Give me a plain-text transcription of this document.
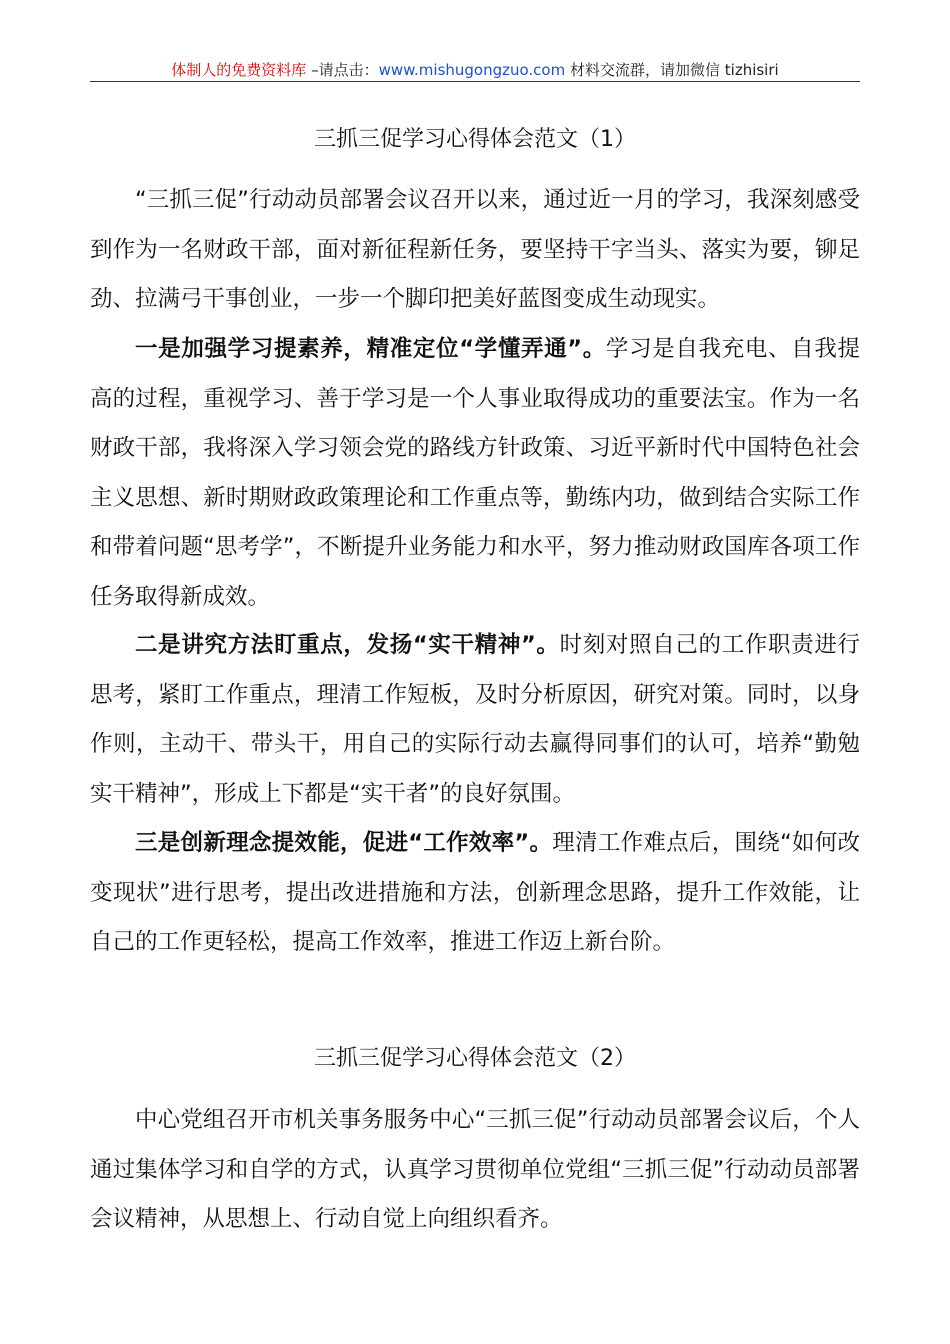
体制人的免费资料库 –请点击：www.mishugongzuo.com 材料交流群，请加微信 tizhisiri
三抓三促学习心得体会范文（1）

“三抓三促”行动动员部署会议召开以来，通过近一月的学习，我深刻感受到作为一名财政干部，面对新征程新任务，要坚持干字当头、落实为要，铆足劲、拉满弓干事创业，一步一个脚印把美好蓝图变成生动现实。

一是加强学习提素养，精准定位“学懂弄通”。学习是自我充电、自我提高的过程，重视学习、善于学习是一个人事业取得成功的重要法宝。作为一名财政干部，我将深入学习领会党的路线方针政策、习近平新时代中国特色社会主义思想、新时期财政政策理论和工作重点等，勤练内功，做到结合实际工作和带着问题“思考学”，不断提升业务能力和水平，努力推动财政国库各项工作任务取得新成效。

二是讲究方法盯重点，发扬“实干精神”。时刻对照自己的工作职责进行思考，紧盯工作重点，理清工作短板，及时分析原因，研究对策。同时，以身作则，主动干、带头干，用自己的实际行动去赢得同事们的认可，培养“勤勉实干精神”，形成上下都是“实干者”的良好氛围。

三是创新理念提效能，促进“工作效率”。理清工作难点后，围绕“如何改变现状”进行思考，提出改进措施和方法，创新理念思路，提升工作效能，让自己的工作更轻松，提高工作效率，推进工作迈上新台阶。

三抓三促学习心得体会范文（2）

中心党组召开市机关事务服务中心“三抓三促”行动动员部署会议后，个人通过集体学习和自学的方式，认真学习贯彻单位党组“三抓三促”行动动员部署会议精神，从思想上、行动自觉上向组织看齐。
